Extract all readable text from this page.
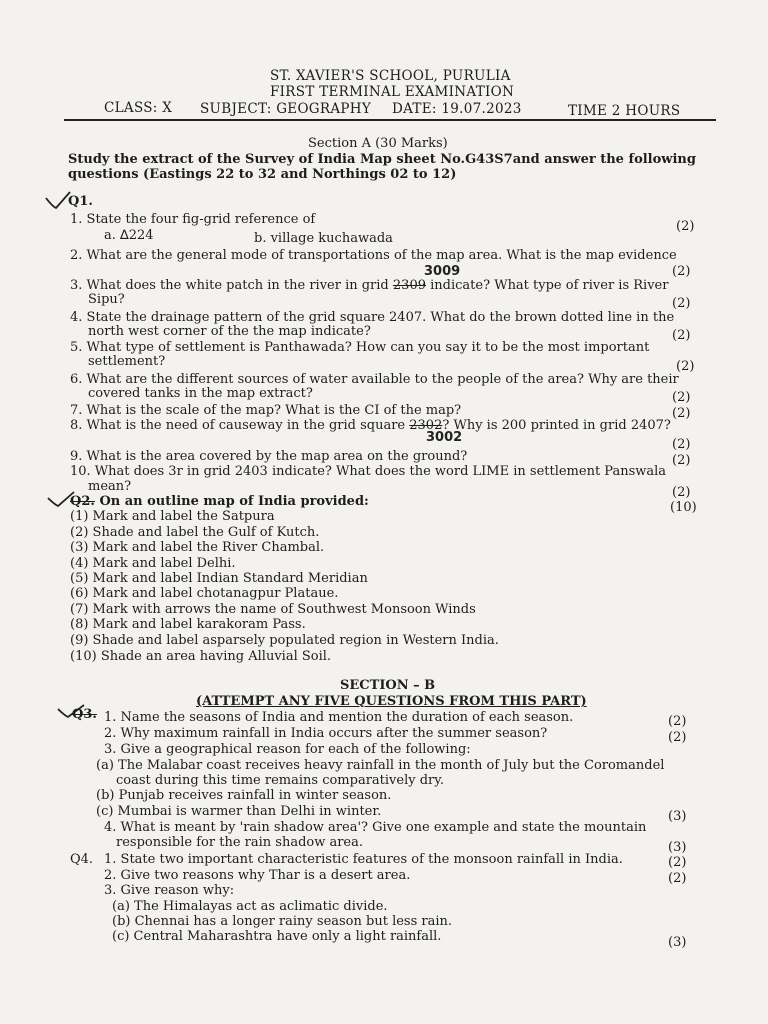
ST. XAVIER'S SCHOOL, PURULIA
FIRST TERMINAL EXAMINATION
CLASS: X SUBJECT: GEOGRAPHY DATE: 19.07.2023	TIME 2 HOURS
Section A (30 Marks)
Study the extract of the Survey of India Map sheet No.G43S7and answer the following
questions (Eastings 22 to 32 and Northings 02 to 12)
Q1.
1. State the four fig-grid reference of	(2)
a. ∆224	b. village kuchawada
2. What are the general mode of transportations of the map area. What is the map evidence
(2)
3009
3. What does the white patch in the river in grid 2309 indicate? What type of river is River
Sipu?	(2)
4. State the drainage pattern of the grid square 2407. What do the brown dotted line in the
north west corner of the the map indicate?	(2)
5. What type of settlement is Panthawada? How can you say it to be the most important
settlement?	(2)
6. What are the different sources of water available to the people of the area? Why are their
covered tanks in the map extract?	(2)
7. What is the scale of the map? What is the CI of the map?	(2)
8. What is the need of causeway in the grid square 2302? Why is 200 printed in grid 2407?
3002	(2)
9. What is the area covered by the map area on the ground?	(2)
10. What does 3r in grid 2403 indicate? What does the word LIME in settlement Panswala
mean?	(2)
Q2. On an outline map of India provided:	(10)
(1) Mark and label the Satpura
(2) Shade and label the Gulf of Kutch.
(3) Mark and label the River Chambal.
(4) Mark and label Delhi.
(5) Mark and label Indian Standard Meridian
(6) Mark and label chotanagpur Plataue.
(7) Mark with arrows the name of Southwest Monsoon Winds
(8) Mark and label karakoram Pass.
(9) Shade and label asparsely populated region in Western India.
(10) Shade an area having Alluvial Soil.
SECTION – B
(ATTEMPT ANY FIVE QUESTIONS FROM THIS PART)
Q3. 1. Name the seasons of India and mention the duration of each season.	(2)
2. Why maximum rainfall in India occurs after the summer season?	(2)
3. Give a geographical reason for each of the following:
(a) The Malabar coast receives heavy rainfall in the month of July but the Coromandel
coast during this time remains comparatively dry.
(b) Punjab receives rainfall in winter season.
(c) Mumbai is warmer than Delhi in winter.	(3)
4. What is meant by 'rain shadow area'? Give one example and state the mountain
responsible for the rain shadow area.	(3)
Q4. 1. State two important characteristic features of the monsoon rainfall in India.	(2)
2. Give two reasons why Thar is a desert area.	(2)
3. Give reason why:
(a) The Himalayas act as aclimatic divide.
(b) Chennai has a longer rainy season but less rain.
(c) Central Maharashtra have only a light rainfall.	(3)
